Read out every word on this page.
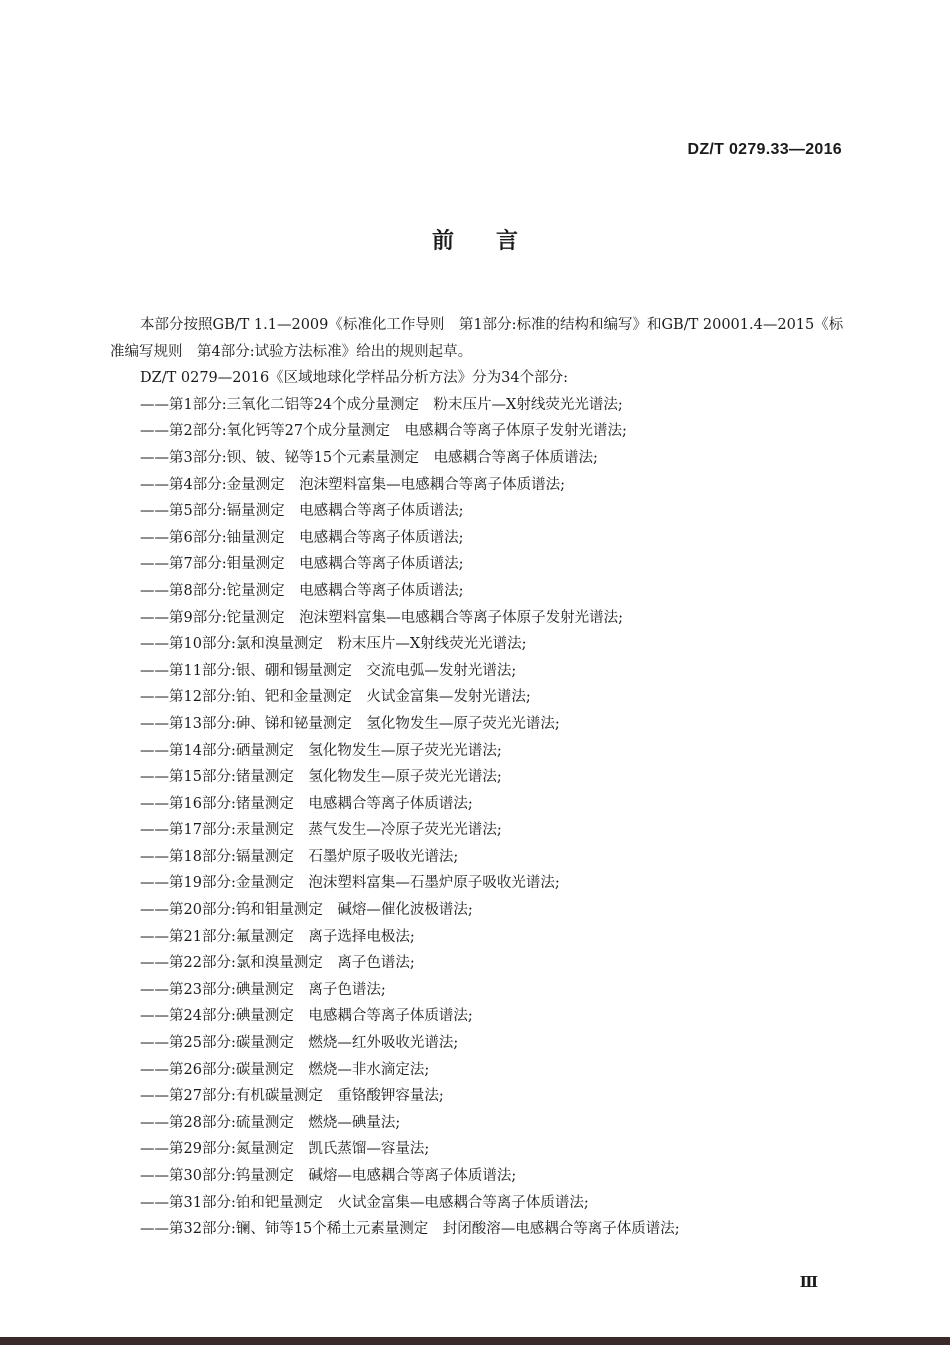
DZ/T 0279.33—2016
前言

本部分按照GB/T 1.1—2009《标准化工作导则　第1部分:标准的结构和编写》和GB/T 20001.4—2015《标准编写规则　第4部分:试验方法标准》给出的规则起草。

DZ/T 0279—2016《区域地球化学样品分析方法》分为34个部分:

——第1部分:三氧化二铝等24个成分量测定　粉末压片—X射线荧光光谱法;
——第2部分:氧化钙等27个成分量测定　电感耦合等离子体原子发射光谱法;
——第3部分:钡、铍、铋等15个元素量测定　电感耦合等离子体质谱法;
——第4部分:金量测定　泡沫塑料富集—电感耦合等离子体质谱法;
——第5部分:镉量测定　电感耦合等离子体质谱法;
——第6部分:铀量测定　电感耦合等离子体质谱法;
——第7部分:钼量测定　电感耦合等离子体质谱法;
——第8部分:铊量测定　电感耦合等离子体质谱法;
——第9部分:铊量测定　泡沫塑料富集—电感耦合等离子体原子发射光谱法;
——第10部分:氯和溴量测定　粉末压片—X射线荧光光谱法;
——第11部分:银、硼和锡量测定　交流电弧—发射光谱法;
——第12部分:铂、钯和金量测定　火试金富集—发射光谱法;
——第13部分:砷、锑和铋量测定　氢化物发生—原子荧光光谱法;
——第14部分:硒量测定　氢化物发生—原子荧光光谱法;
——第15部分:锗量测定　氢化物发生—原子荧光光谱法;
——第16部分:锗量测定　电感耦合等离子体质谱法;
——第17部分:汞量测定　蒸气发生—冷原子荧光光谱法;
——第18部分:镉量测定　石墨炉原子吸收光谱法;
——第19部分:金量测定　泡沫塑料富集—石墨炉原子吸收光谱法;
——第20部分:钨和钼量测定　碱熔—催化波极谱法;
——第21部分:氟量测定　离子选择电极法;
——第22部分:氯和溴量测定　离子色谱法;
——第23部分:碘量测定　离子色谱法;
——第24部分:碘量测定　电感耦合等离子体质谱法;
——第25部分:碳量测定　燃烧—红外吸收光谱法;
——第26部分:碳量测定　燃烧—非水滴定法;
——第27部分:有机碳量测定　重铬酸钾容量法;
——第28部分:硫量测定　燃烧—碘量法;
——第29部分:氮量测定　凯氏蒸馏—容量法;
——第30部分:钨量测定　碱熔—电感耦合等离子体质谱法;
——第31部分:铂和钯量测定　火试金富集—电感耦合等离子体质谱法;
——第32部分:镧、铈等15个稀土元素量测定　封闭酸溶—电感耦合等离子体质谱法;
Ⅲ
